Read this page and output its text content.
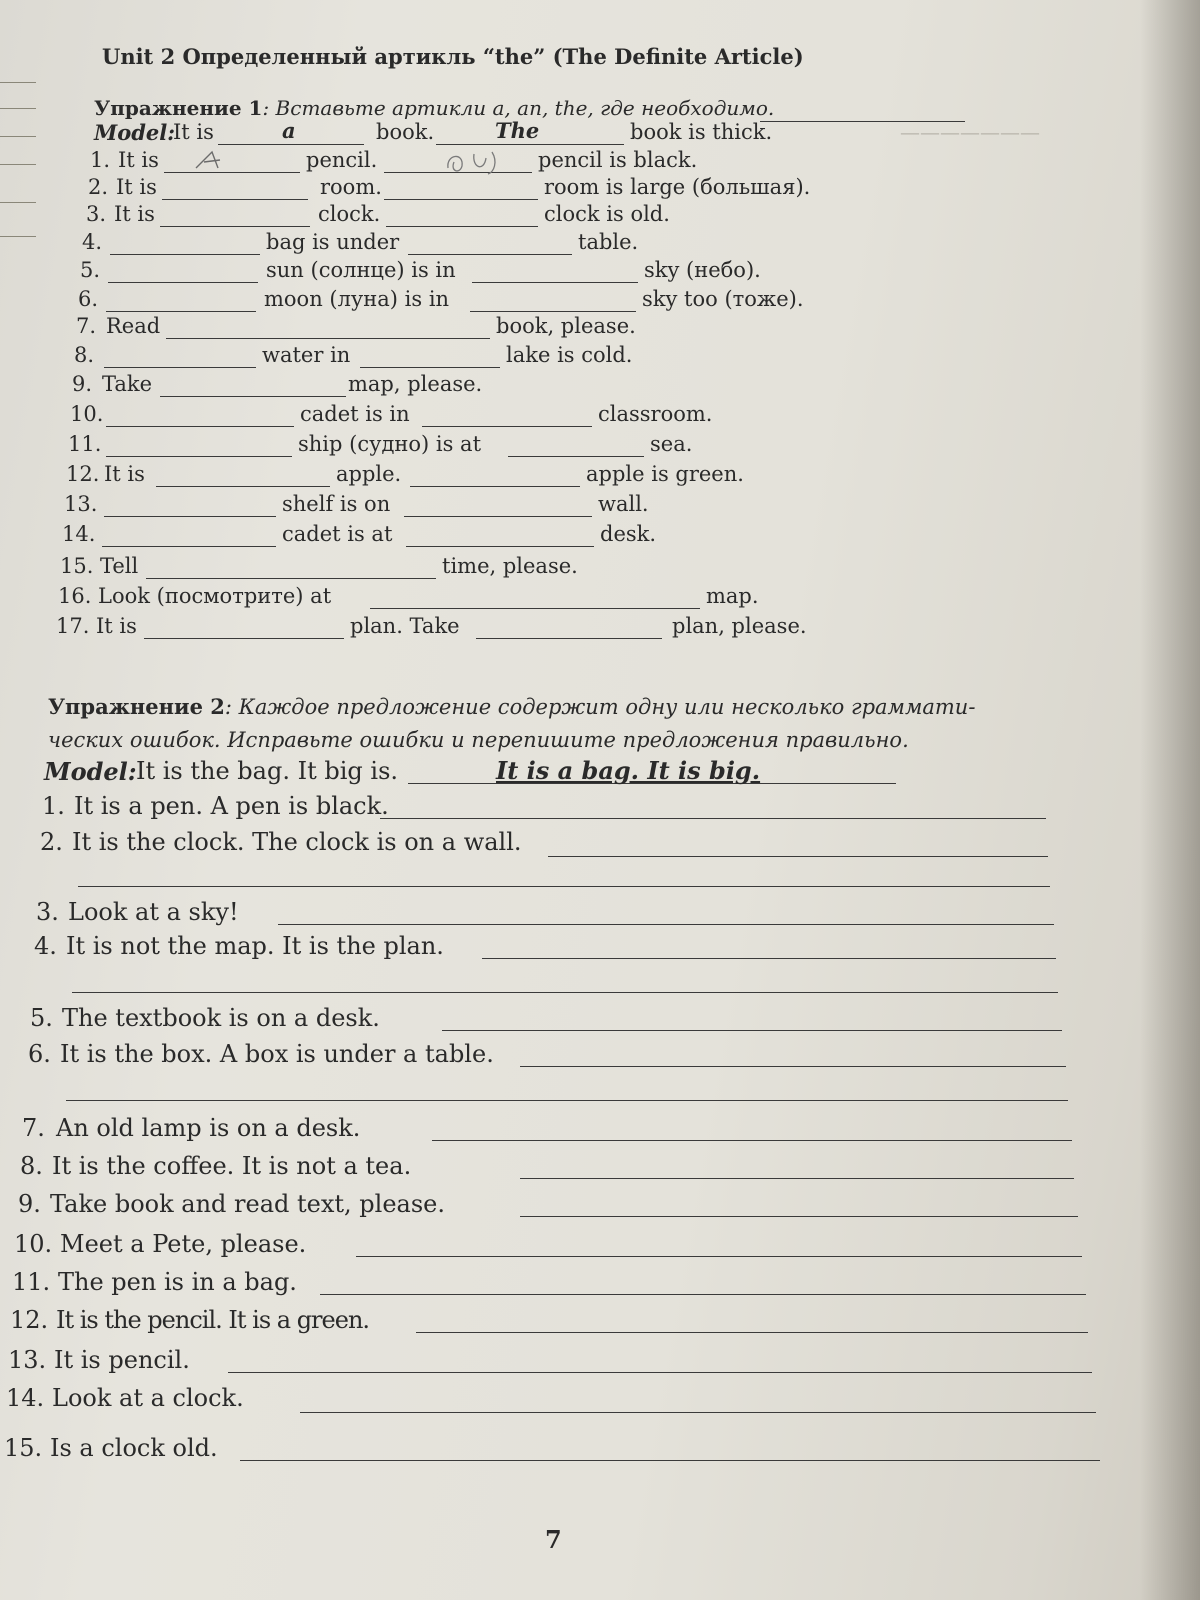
———————
Unit 2 Определенный артикль “the” (The Definite Article)
Упражнение 1: Вставьте артикли a, an, the, где необходимо.
Model:
It is	a	book.	The	book is thick.
1. It is	pencil.	pencil is black.
2. It is	room.	room is large (большая).
3. It is	clock.	clock is old.
4.	bag is under	table.
5.	sun (солнце) is in	sky (небо).
6.	moon (луна) is in	sky too (тоже).
7. Read	book, please.
8.	water in	lake is cold.
9. Take	map, please.
10.	cadet is in	classroom.
11.	ship (судно) is at	sea.
12. It is	apple.	apple is green.
13.	shelf is on	wall.
14.	cadet is at	desk.
15. Tell	time, please.
16. Look (посмотрите) at	map.
17. It is	plan. Take	plan, please.
Упражнение 2: Каждое предложение содержит одну или несколько граммати-ческих ошибок. Исправьте ошибки и перепишите предложения правильно.
Model: It is the bag. It big is.	It is a bag. It is big.
1. It is a pen. A pen is black.
2. It is the clock. The clock is on a wall.
3. Look at a sky!
4. It is not the map. It is the plan.
5. The textbook is on a desk.
6. It is the box. A box is under a table.
7. An old lamp is on a desk.
8. It is the coffee. It is not a tea.
9. Take book and read text, please.
10. Meet a Pete, please.
11. The pen is in a bag.
12. It is the pencil. It is a green.
13. It is pencil.
14. Look at a clock.
15. Is a clock old.
7
